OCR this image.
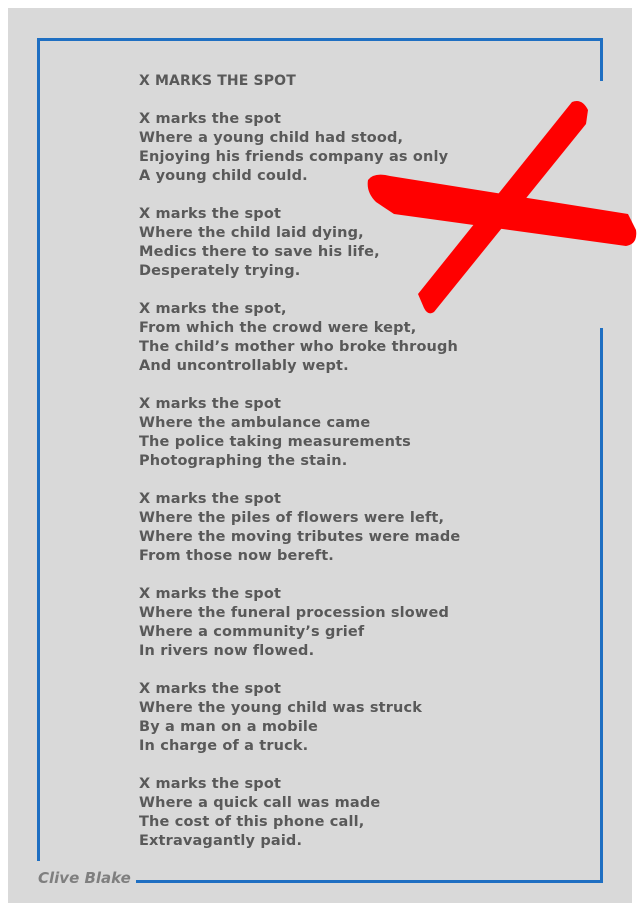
X MARKS THE SPOT
X marks the spot
Where a young child had stood,
Enjoying his friends company as only
A young child could.
X marks the spot
Where the child laid dying,
Medics there to save his life,
Desperately trying.
X marks the spot,
From which the crowd were kept,
The child’s mother who broke through
And uncontrollably wept.
X marks the spot
Where the ambulance came
The police taking measurements
Photographing the stain.
X marks the spot
Where the piles of flowers were left,
Where the moving tributes were made
From those now bereft.
X marks the spot
Where the funeral procession slowed
Where a community’s grief
In rivers now flowed.
X marks the spot
Where the young child was struck
By a man on a mobile
In charge of a truck.
X marks the spot
Where a quick call was made
The cost of this phone call,
Extravagantly paid.
Clive Blake
